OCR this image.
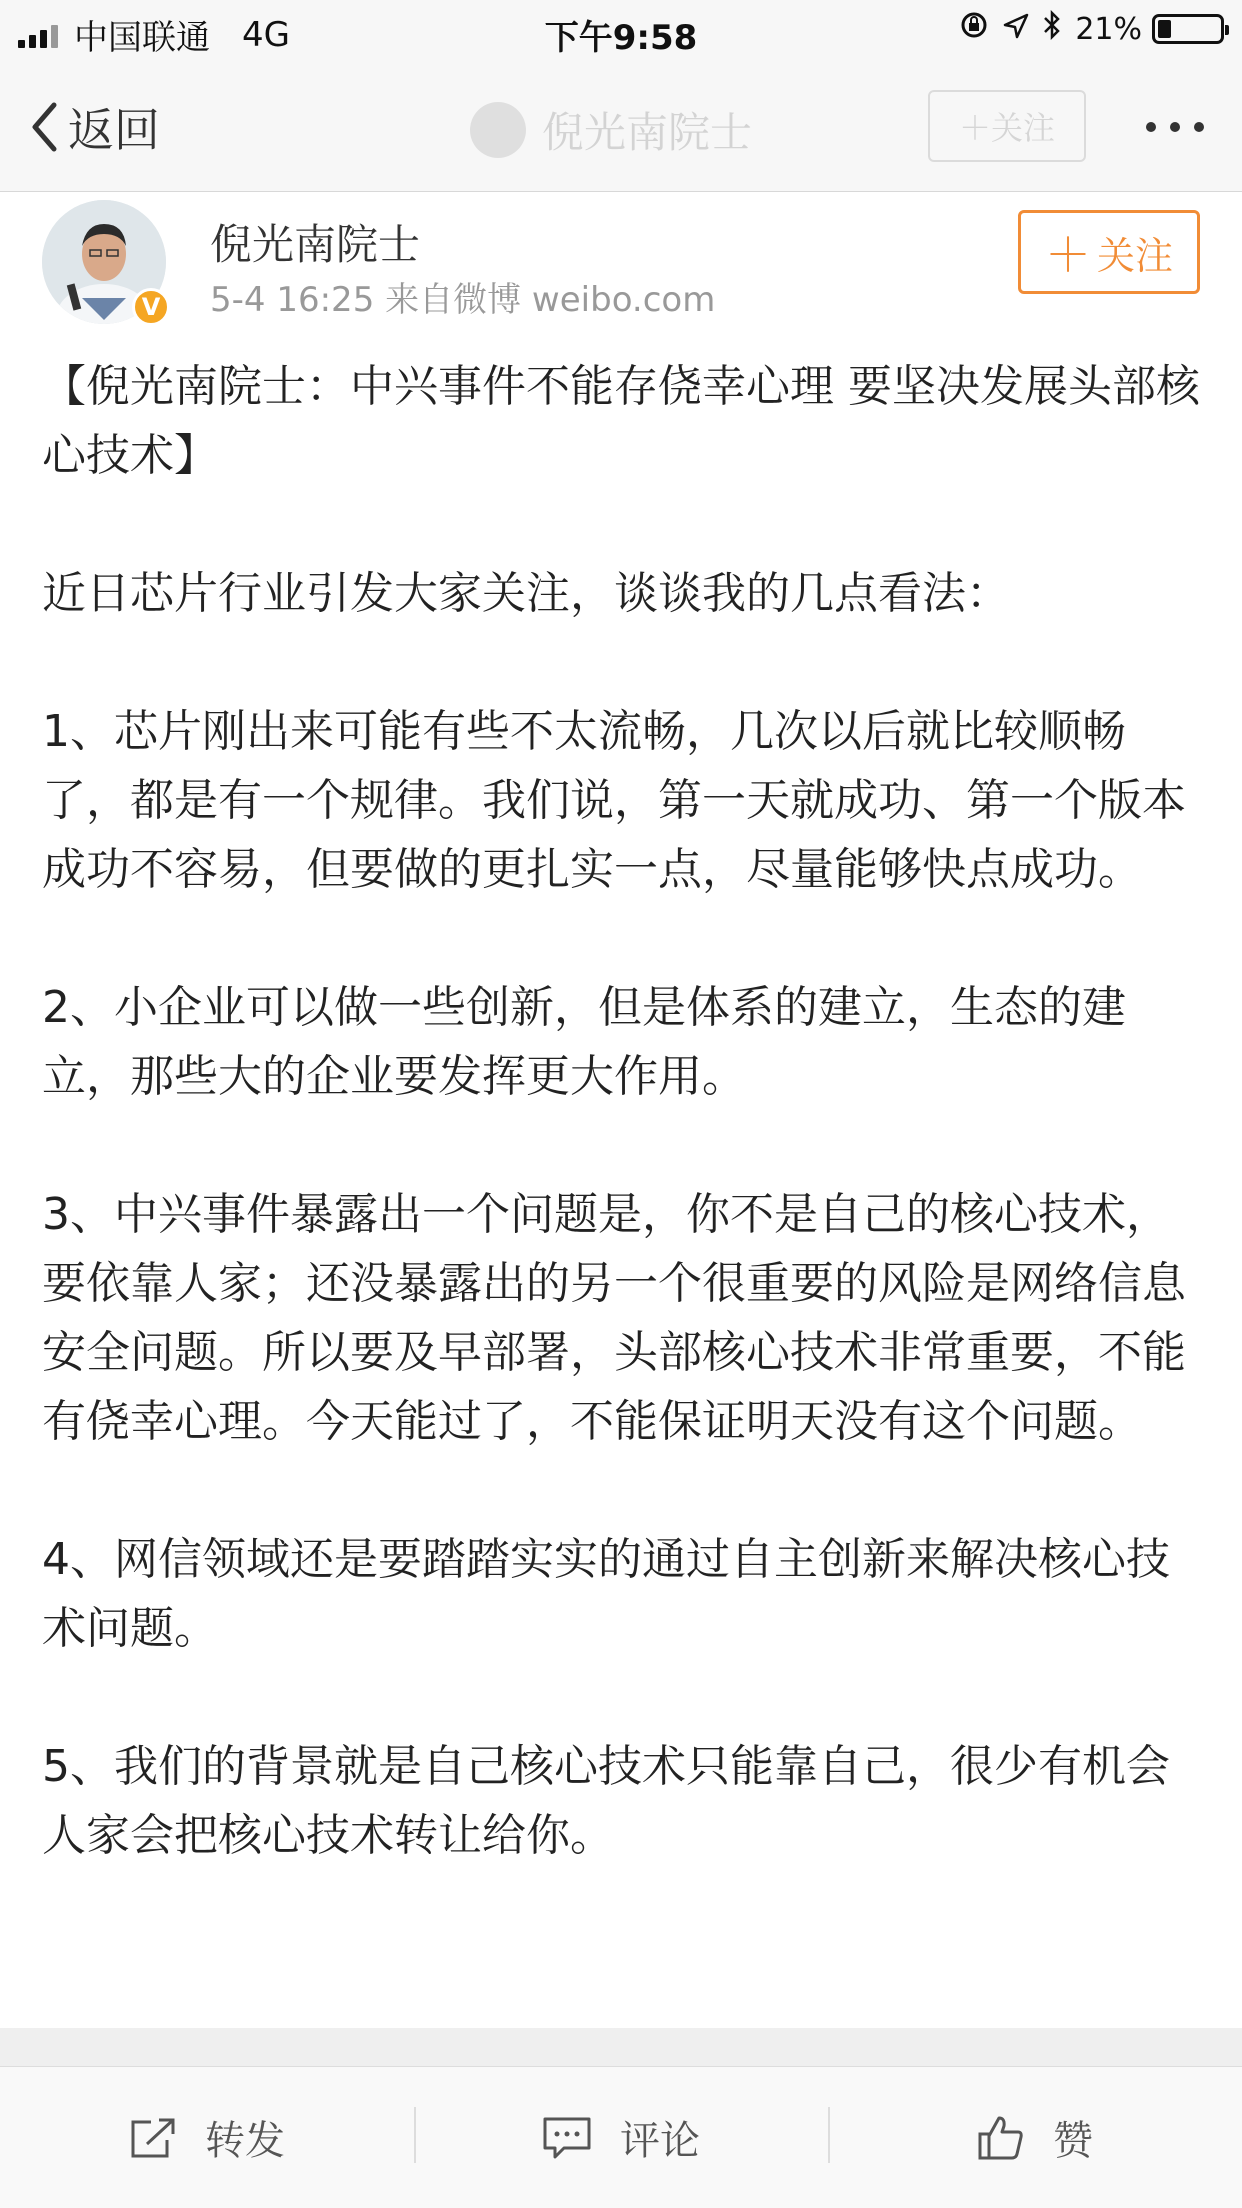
中国联通 4G	下午9:58	21%
返回	倪光南院士	＋关注
V
倪光南院士
5-4 16:25 来自微博 weibo.com
＋ 关注

【倪光南院士：中兴事件不能存侥幸心理 要坚决发展头部核心技术】

近日芯片行业引发大家关注，谈谈我的几点看法：

1、芯片刚出来可能有些不太流畅，几次以后就比较顺畅了，都是有一个规律。我们说，第一天就成功、第一个版本成功不容易，但要做的更扎实一点，尽量能够快点成功。

2、小企业可以做一些创新，但是体系的建立，生态的建立，那些大的企业要发挥更大作用。

3、中兴事件暴露出一个问题是，你不是自己的核心技术，要依靠人家；还没暴露出的另一个很重要的风险是网络信息安全问题。所以要及早部署，头部核心技术非常重要，不能有侥幸心理。今天能过了，不能保证明天没有这个问题。

4、网信领域还是要踏踏实实的通过自主创新来解决核心技术问题。

5、我们的背景就是自己核心技术只能靠自己，很少有机会人家会把核心技术转让给你。

转发	评论	赞
